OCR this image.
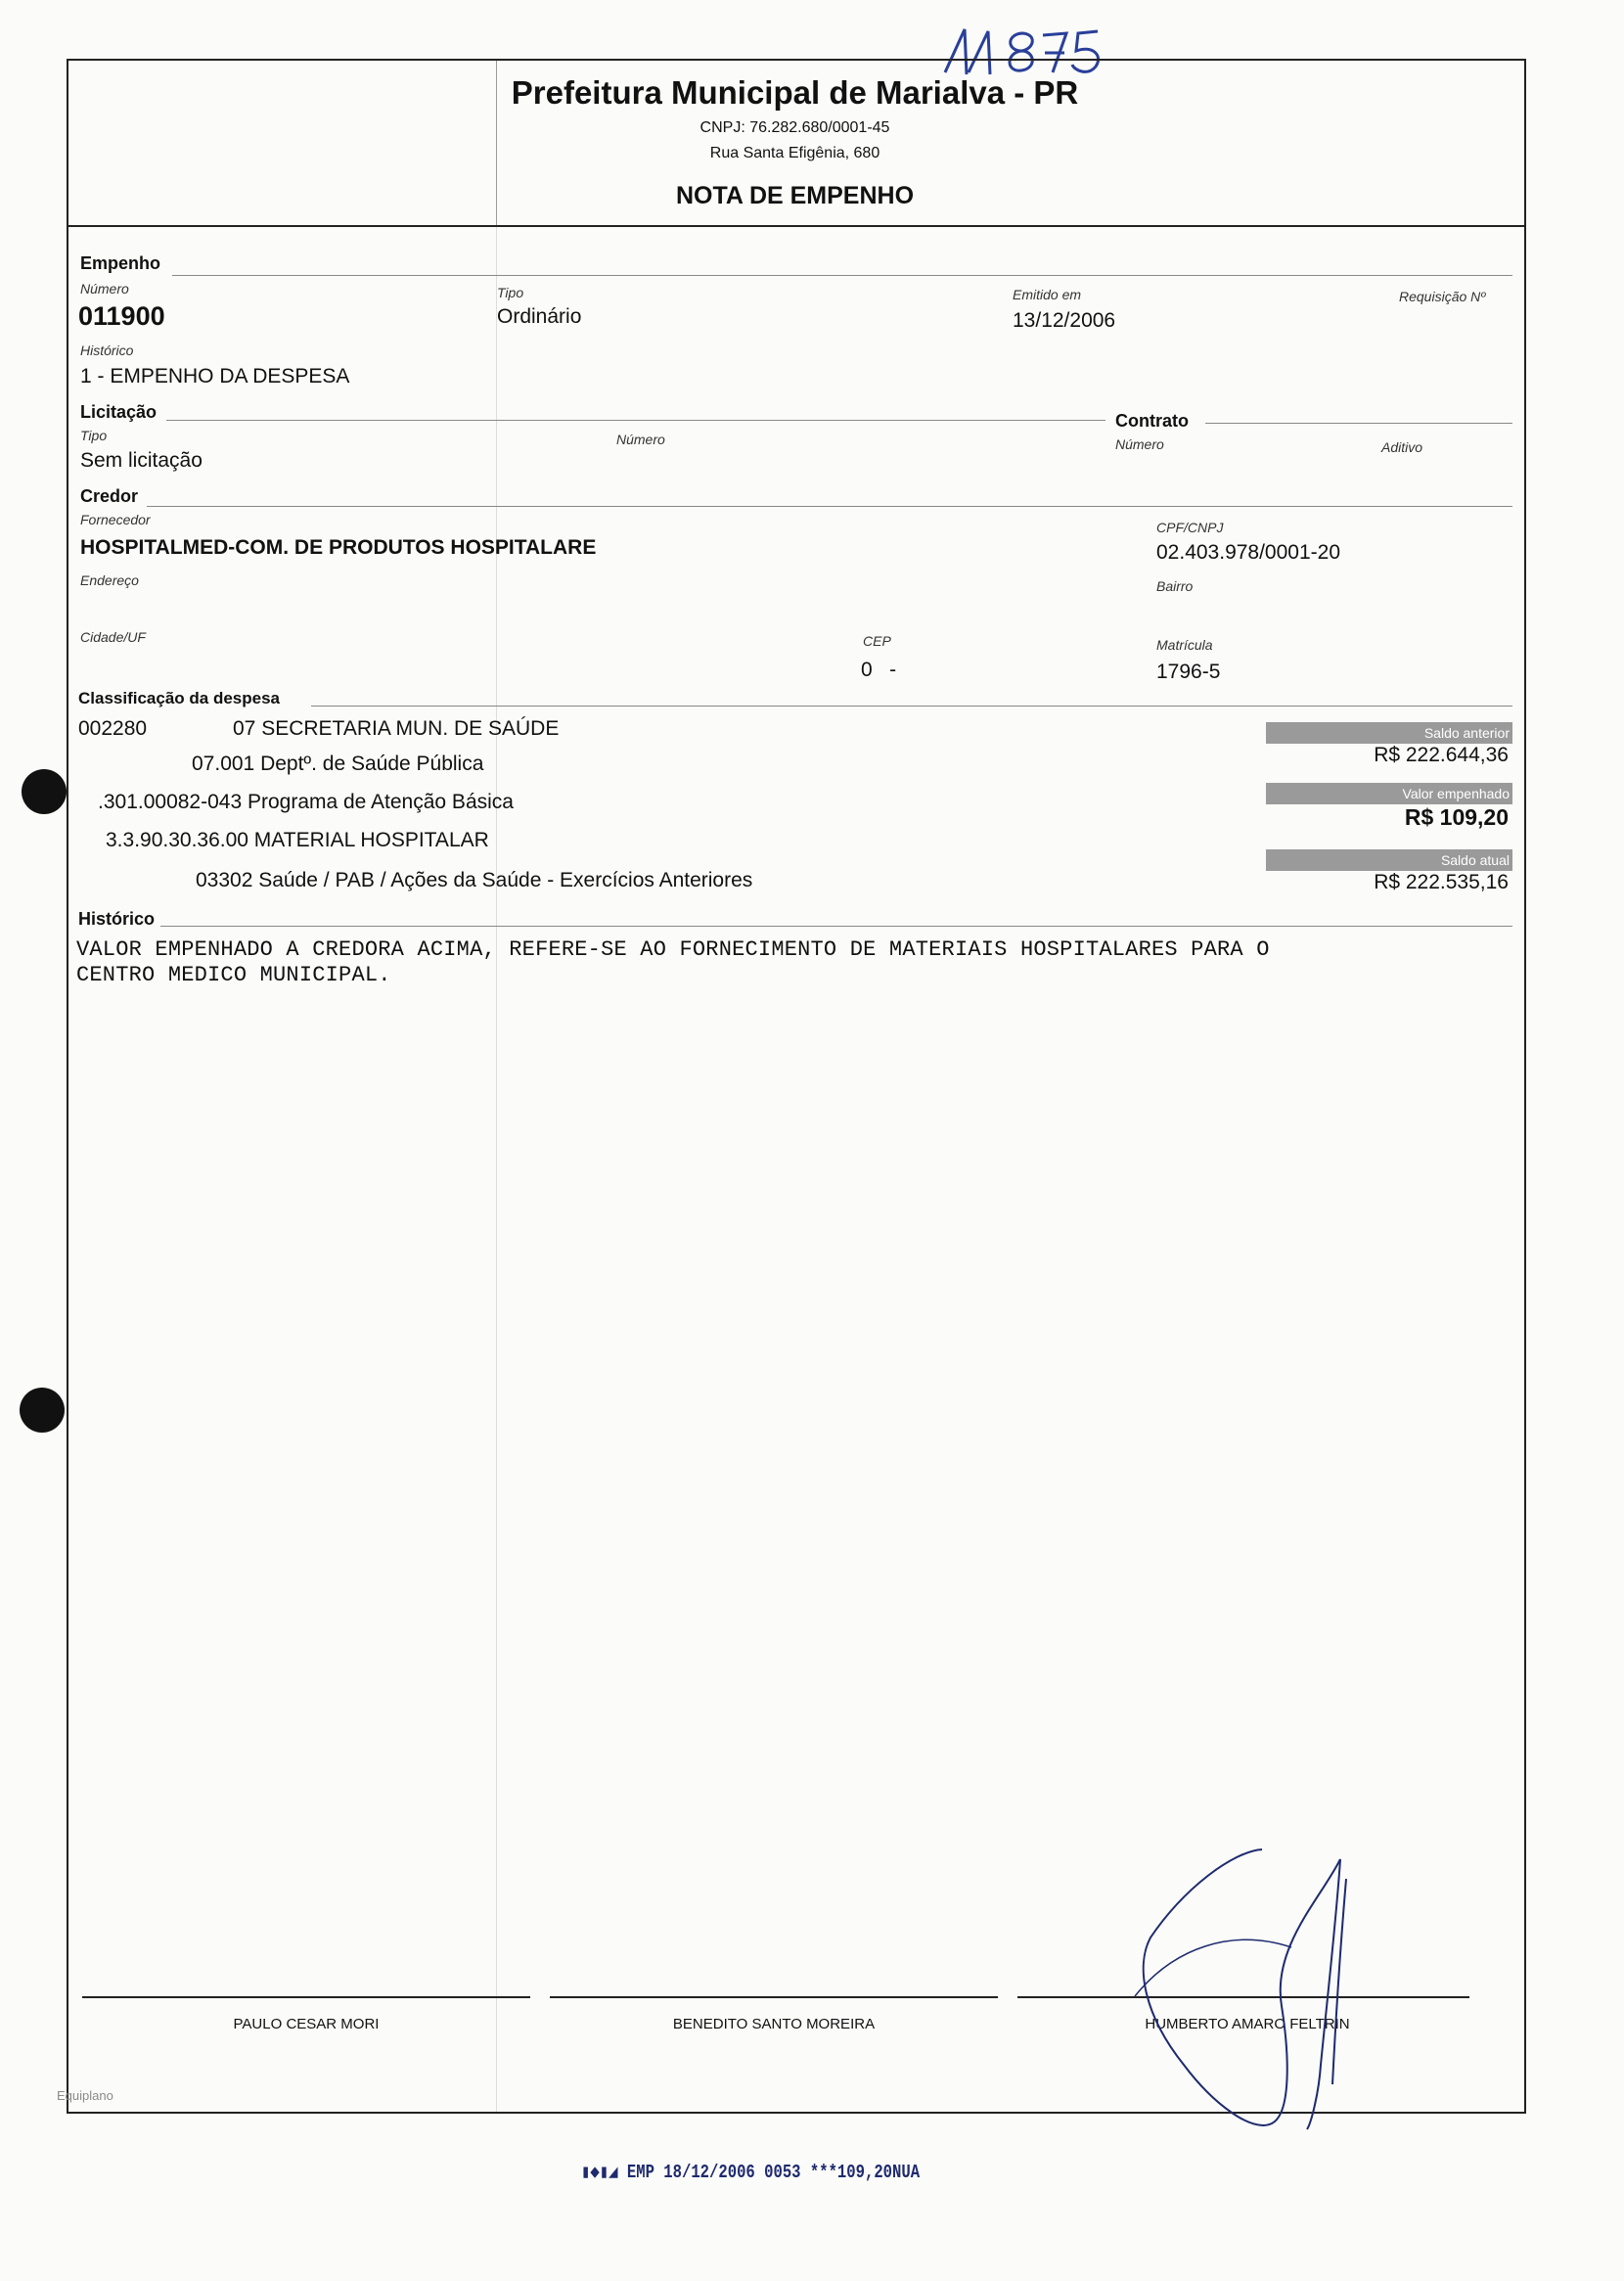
Prefeitura Municipal de Marialva - PR
CNPJ: 76.282.680/0001-45
Rua Santa Efigênia, 680
NOTA DE EMPENHO
Empenho
Número
011900
Tipo
Ordinário
Emitido em
13/12/2006
Requisição Nº
Histórico
1 - EMPENHO DA DESPESA
Licitação	Contrato
Tipo
Sem licitação
Número	Número	Aditivo
Credor
Fornecedor
HOSPITALMED-COM. DE PRODUTOS HOSPITALARE
CPF/CNPJ
02.403.978/0001-20
Endereço	Bairro
Cidade/UF	CEP
0   -
Matrícula
1796-5
Classificação da despesa
002280	07 SECRETARIA MUN. DE SAÚDE
07.001 Deptº. de Saúde Pública
.301.00082-043 Programa de Atenção Básica
3.3.90.30.36.00 MATERIAL HOSPITALAR
03302 Saúde / PAB / Ações da Saúde - Exercícios Anteriores
Saldo anterior
R$ 222.644,36
Valor empenhado
R$ 109,20
Saldo atual
R$ 222.535,16
Histórico
VALOR EMPENHADO A CREDORA ACIMA, REFERE-SE AO FORNECIMENTO DE MATERIAIS HOSPITALARES PARA O
CENTRO MEDICO MUNICIPAL.
PAULO CESAR MORI	BENEDITO SANTO MOREIRA	HUMBERTO AMARO FELTRIN
Equiplano
▮◆▮◢ EMP 18/12/2006 0053 ***109,20NUA
